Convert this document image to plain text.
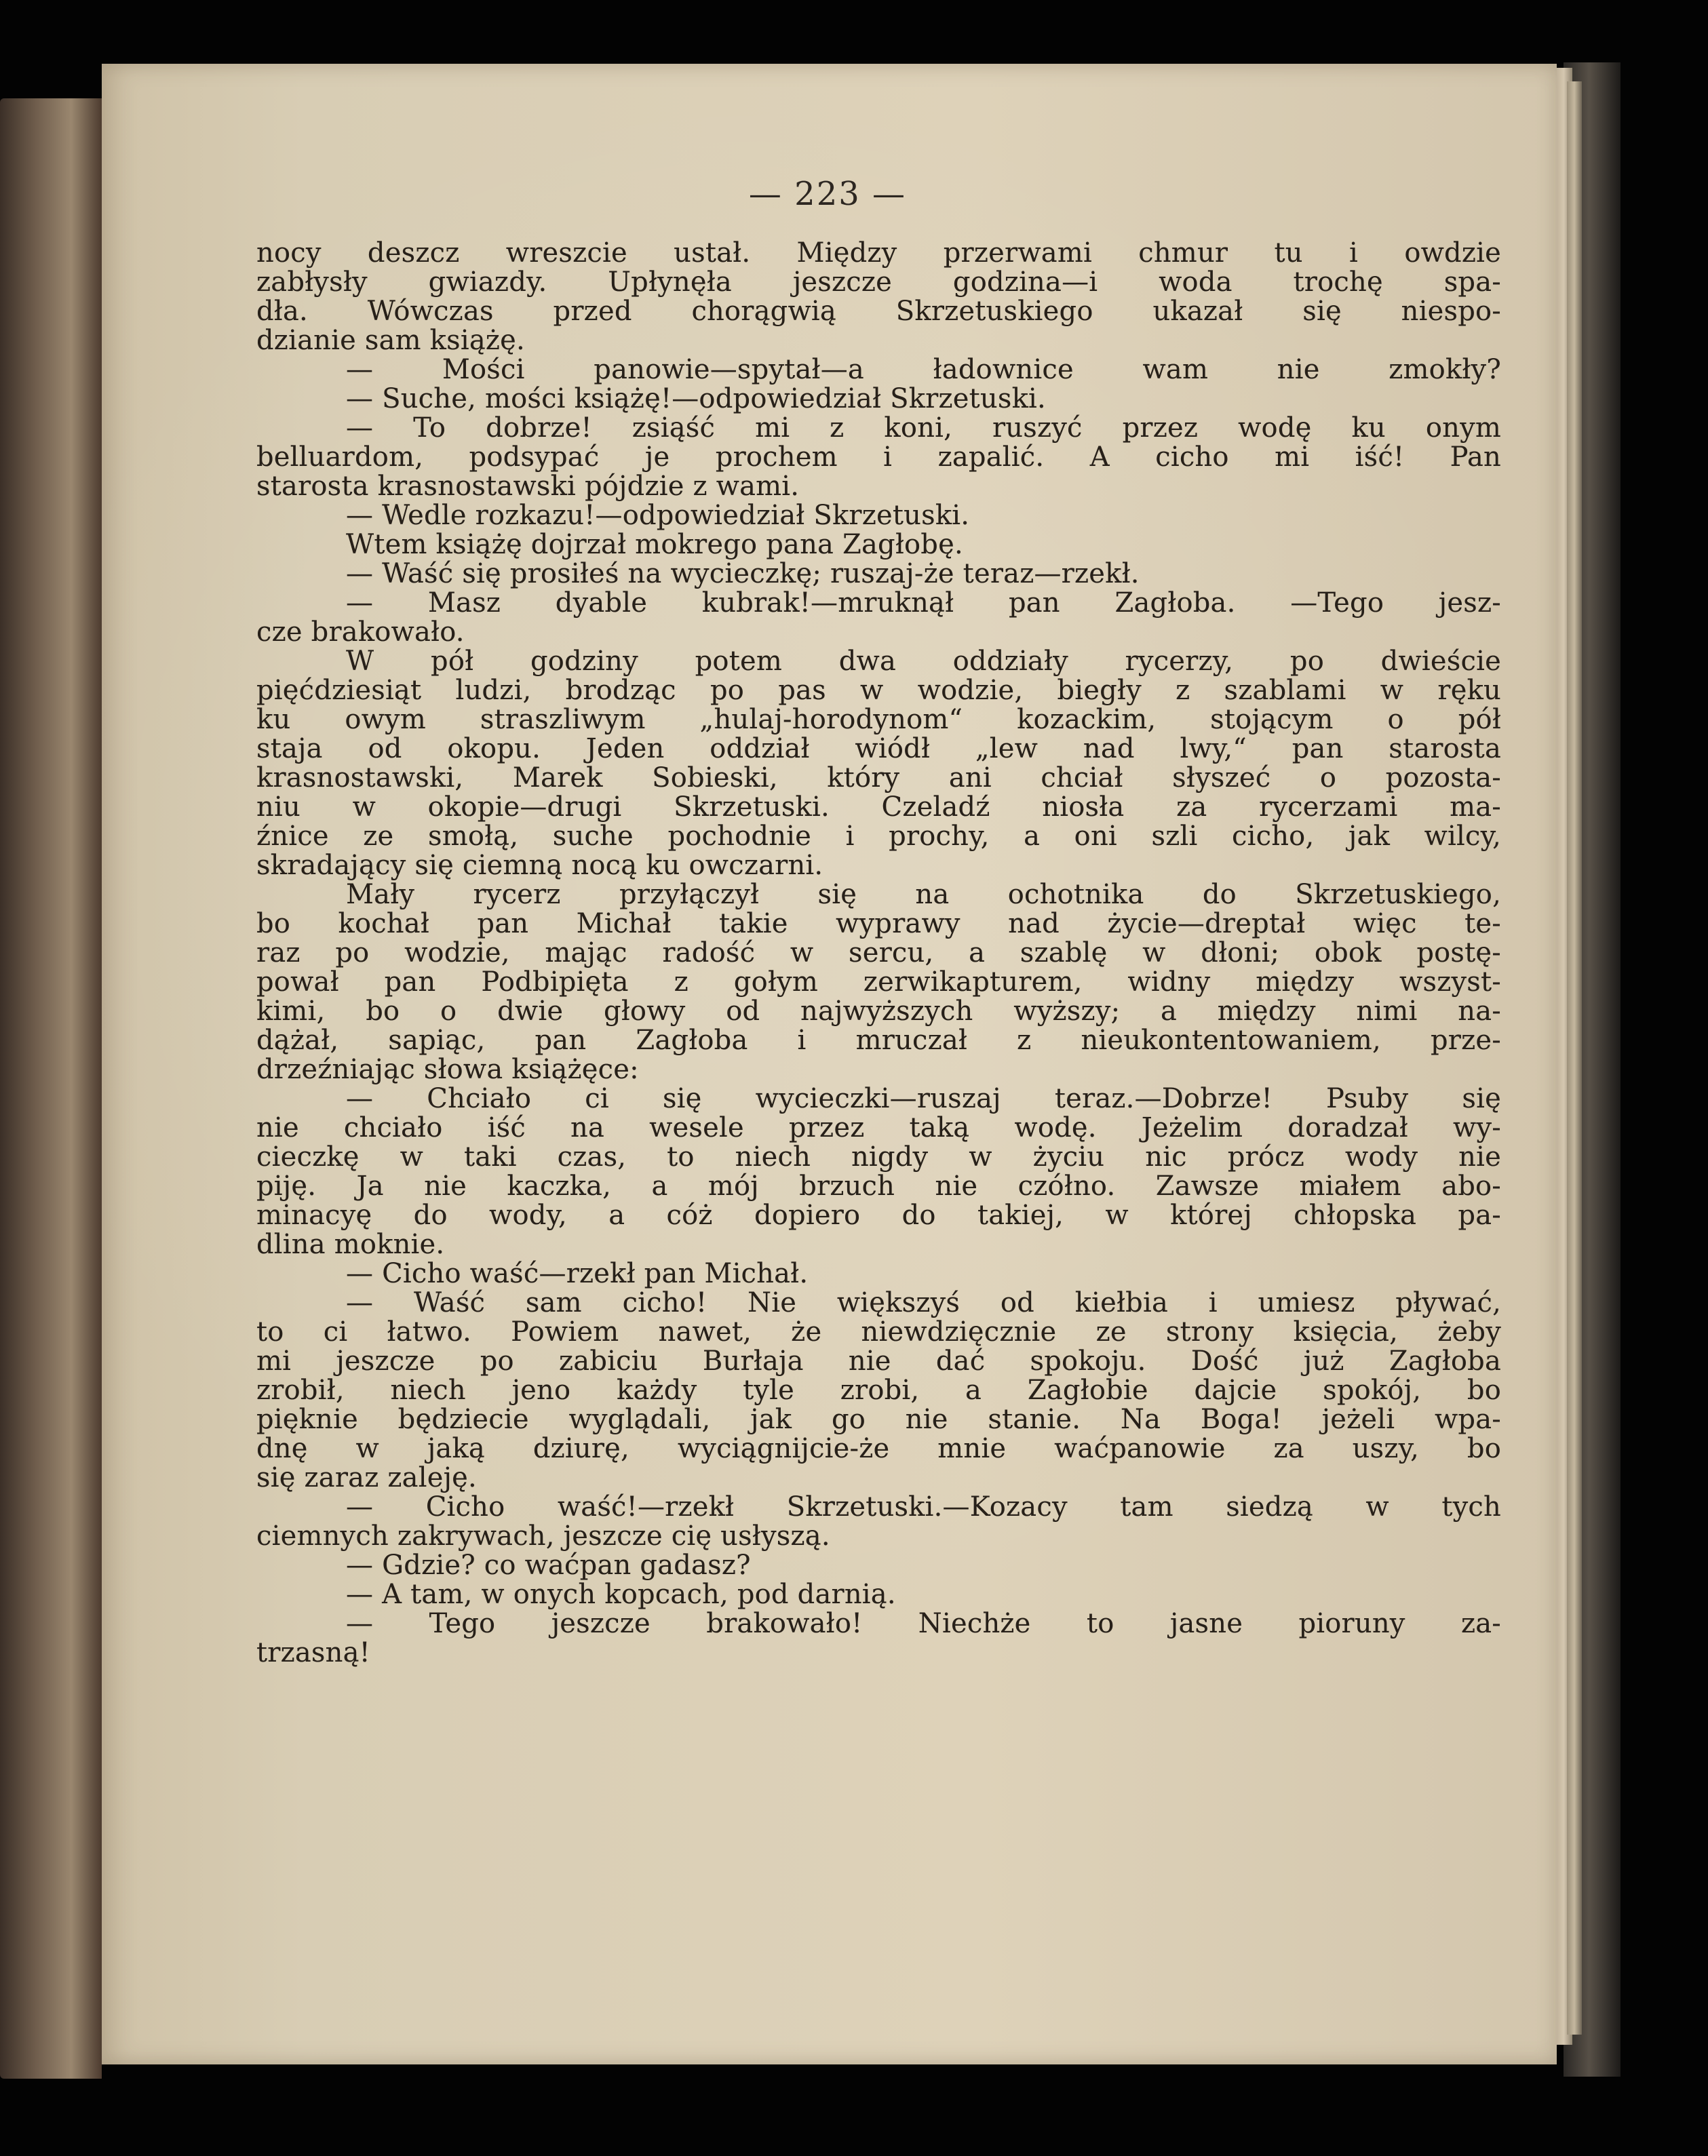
— 223 —
nocy deszcz wreszcie ustał. Między przerwami chmur tu i owdzie
zabłysły gwiazdy. Upłynęła jeszcze godzina—i woda trochę spa-
dła. Wówczas przed chorągwią Skrzetuskiego ukazał się niespo-
dzianie sam książę.
— Mości panowie—spytał—a ładownice wam nie zmokły?
— Suche, mości książę!—odpowiedział Skrzetuski.
— To dobrze! zsiąść mi z koni, ruszyć przez wodę ku onym
belluardom, podsypać je prochem i zapalić. A cicho mi iść! Pan
starosta krasnostawski pójdzie z wami.
— Wedle rozkazu!—odpowiedział Skrzetuski.
Wtem książę dojrzał mokrego pana Zagłobę.
— Waść się prosiłeś na wycieczkę; ruszaj-że teraz—rzekł.
— Masz dyable kubrak!—mruknął pan Zagłoba. —Tego jesz-
cze brakowało.
W pół godziny potem dwa oddziały rycerzy, po dwieście
pięćdziesiąt ludzi, brodząc po pas w wodzie, biegły z szablami w ręku
ku owym straszliwym „hulaj-horodynom“ kozackim, stojącym o pół
staja od okopu. Jeden oddział wiódł „lew nad lwy,“ pan starosta
krasnostawski, Marek Sobieski, który ani chciał słyszeć o pozosta-
niu w okopie—drugi Skrzetuski. Czeladź niosła za rycerzami ma-
źnice ze smołą, suche pochodnie i prochy, a oni szli cicho, jak wilcy,
skradający się ciemną nocą ku owczarni.
Mały rycerz przyłączył się na ochotnika do Skrzetuskiego,
bo kochał pan Michał takie wyprawy nad życie—dreptał więc te-
raz po wodzie, mając radość w sercu, a szablę w dłoni; obok postę-
pował pan Podbipięta z gołym zerwikapturem, widny między wszyst-
kimi, bo o dwie głowy od najwyższych wyższy; a między nimi na-
dążał, sapiąc, pan Zagłoba i mruczał z nieukontentowaniem, prze-
drzeźniając słowa książęce:
— Chciało ci się wycieczki—ruszaj teraz.—Dobrze! Psuby się
nie chciało iść na wesele przez taką wodę. Jeżelim doradzał wy-
cieczkę w taki czas, to niech nigdy w życiu nic prócz wody nie
piję. Ja nie kaczka, a mój brzuch nie czółno. Zawsze miałem abo-
minacyę do wody, a cóż dopiero do takiej, w której chłopska pa-
dlina moknie.
— Cicho waść—rzekł pan Michał.
— Waść sam cicho! Nie większyś od kiełbia i umiesz pływać,
to ci łatwo. Powiem nawet, że niewdzięcznie ze strony księcia, żeby
mi jeszcze po zabiciu Burłaja nie dać spokoju. Dość już Zagłoba
zrobił, niech jeno każdy tyle zrobi, a Zagłobie dajcie spokój, bo
pięknie będziecie wyglądali, jak go nie stanie. Na Boga! jeżeli wpa-
dnę w jaką dziurę, wyciągnijcie-że mnie waćpanowie za uszy, bo
się zaraz zaleję.
— Cicho waść!—rzekł Skrzetuski.—Kozacy tam siedzą w tych
ciemnych zakrywach, jeszcze cię usłyszą.
— Gdzie? co waćpan gadasz?
— A tam, w onych kopcach, pod darnią.
— Tego jeszcze brakowało! Niechże to jasne pioruny za-
trzasną!
